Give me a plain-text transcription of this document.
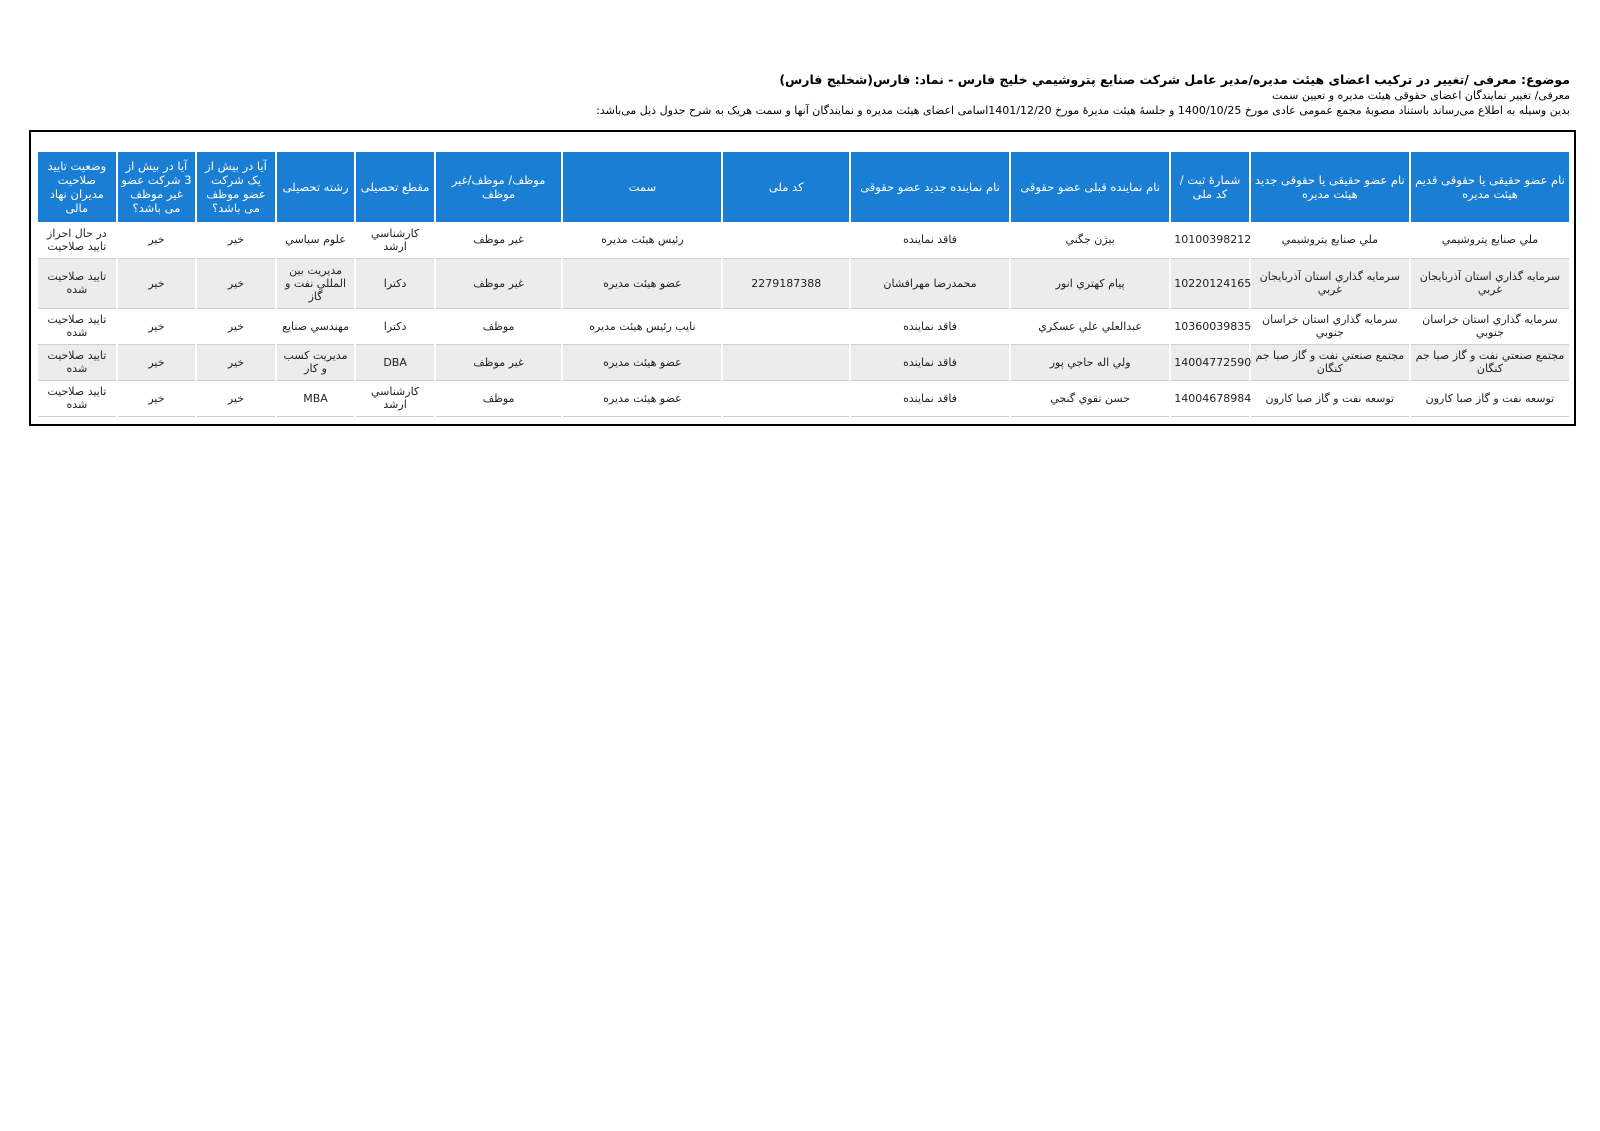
موضوع: معرفی /تغییر در ترکیب اعضای هیئت مدیره/مدیر عامل شرکت صنایع پتروشیمي خلیج فارس - نماد: فارس(شخلیج فارس)
معرفی/ تغییر نمایندگان اعضای حقوقی هیئت مدیره و تعیین سمت
بدین وسیله به اطلاع می‌رساند باستناد مصوبۀ مجمع عمومی عادی مورخ 1400/10/25 و جلسۀ هیئت مدیرۀ مورخ 1401/12/20اسامی اعضای هیئت مدیره و نمایندگان آنها و سمت هریک به شرح جدول ذیل می‌باشد:
نام عضو حقیقی یا حقوقی قدیم هیئت مدیره	نام عضو حقیقی یا حقوقی جدید هیئت مدیره	شمارۀ ثبت / کد ملی	نام نماینده قبلی عضو حقوقی	نام نماینده جدید عضو حقوقی	کد ملی	سمت	موظف/ موظف/غیر موظف	مقطع تحصیلی	رشته تحصیلی	آیا در بیش از یک شرکت عضو موظف می باشد؟	آیا در بیش از 3 شرکت عضو غیر موظف می باشد؟	وضعیت تایید صلاحیت مدیران نهاد مالی
ملي صنایع پتروشیمي	ملي صنایع پتروشیمي	10100398212	بیژن جگني	فاقد نماینده		رئیس هیئت مدیره	غیر موظف	کارشناسي ارشد	علوم سیاسي	خیر	خیر	در حال احراز تایید صلاحیت
سرمایه گذاري استان آذربایجان غربي	سرمایه گذاري استان آذربایجان غربي	10220124165	پیام کهتري انور	محمدرضا مهرافشان	2279187388	عضو هیئت مدیره	غیر موظف	دکترا	مدیریت بین المللي نفت و گاز	خیر	خیر	تایید صلاحیت شده
سرمایه گذاري استان خراسان جنوبي	سرمایه گذاري استان خراسان جنوبي	10360039835	عبدالعلي علي عسکري	فاقد نماینده		نایب رئیس هیئت مدیره	موظف	دکترا	مهندسي صنایع	خیر	خیر	تایید صلاحیت شده
مجتمع صنعتي نفت و گاز صبا جم کنگان	مجتمع صنعتي نفت و گاز صبا جم کنگان	14004772590	ولي اله حاجي پور	فاقد نماینده		عضو هیئت مدیره	غیر موظف	DBA	مدیریت کسب و کار	خیر	خیر	تایید صلاحیت شده
توسعه نفت و گاز صبا کارون	توسعه نفت و گاز صبا کارون	14004678984	حسن تقوي گنجي	فاقد نماینده		عضو هیئت مدیره	موظف	کارشناسي ارشد	MBA	خیر	خیر	تایید صلاحیت شده
